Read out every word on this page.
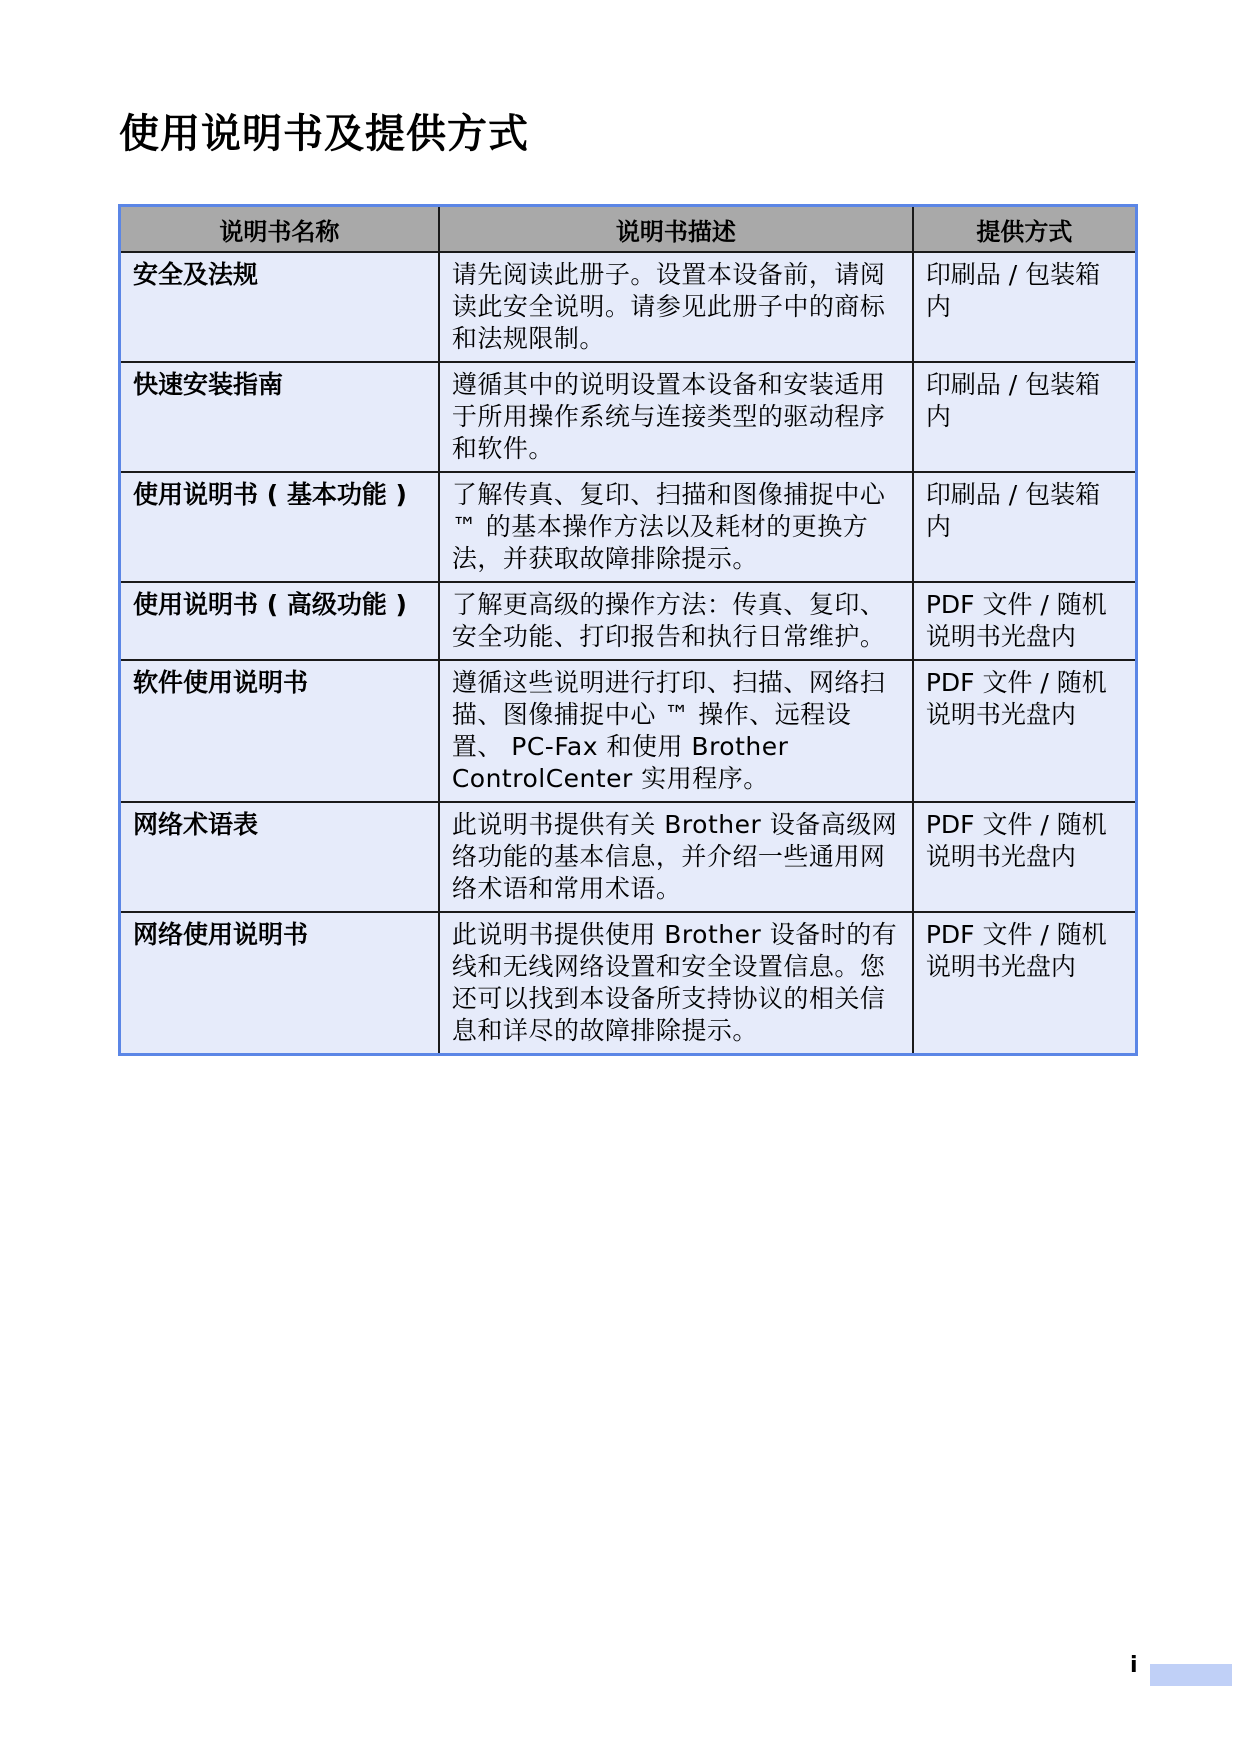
使用说明书及提供方式
说明书名称	说明书描述	提供方式
安全及法规	请先阅读此册子。设置本设备前，请阅读此安全说明。请参见此册子中的商标和法规限制。	印刷品 / 包装箱内
快速安装指南	遵循其中的说明设置本设备和安装适用于所用操作系统与连接类型的驱动程序和软件。	印刷品 / 包装箱内
使用说明书 ( 基本功能 )	了解传真、复印、扫描和图像捕捉中心 ™ 的基本操作方法以及耗材的更换方法，并获取故障排除提示。	印刷品 / 包装箱内
使用说明书 ( 高级功能 )	了解更高级的操作方法：传真、复印、安全功能、打印报告和执行日常维护。	PDF 文件 / 随机说明书光盘内
软件使用说明书	遵循这些说明进行打印、扫描、网络扫描、图像捕捉中心 ™ 操作、远程设置、 PC-Fax 和使用 Brother ControlCenter 实用程序。	PDF 文件 / 随机说明书光盘内
网络术语表	此说明书提供有关 Brother 设备高级网络功能的基本信息，并介绍一些通用网络术语和常用术语。	PDF 文件 / 随机说明书光盘内
网络使用说明书	此说明书提供使用 Brother 设备时的有线和无线网络设置和安全设置信息。您还可以找到本设备所支持协议的相关信息和详尽的故障排除提示。	PDF 文件 / 随机说明书光盘内
i
